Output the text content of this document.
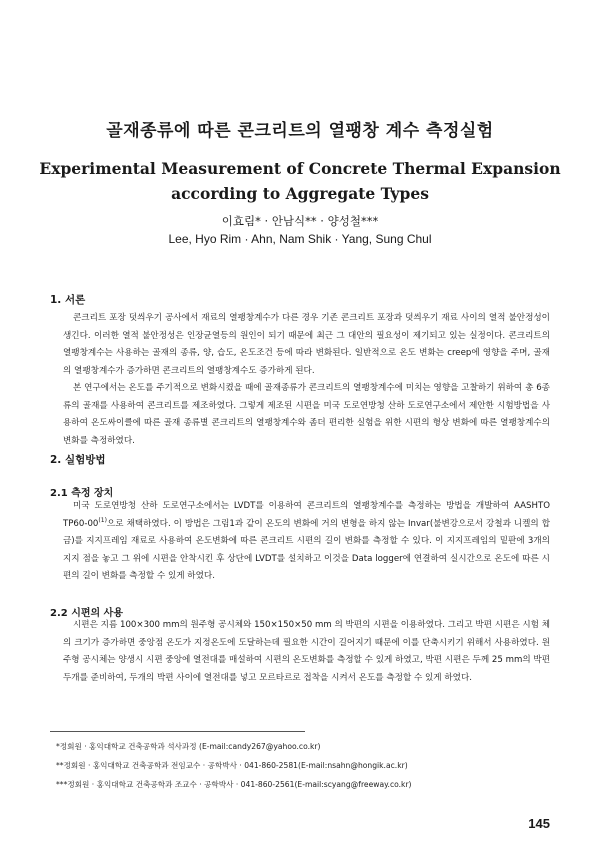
골재종류에 따른 콘크리트의 열팽창 계수 측정실험
Experimental Measurement of Concrete Thermal Expansion
according to Aggregate Types
이효림* · 안남식** · 양성철***
Lee, Hyo Rim · Ahn, Nam Shik · Yang, Sung Chul
1. 서론

콘크리트 포장 덧씌우기 공사에서 재료의 열팽창계수가 다른 경우 기존 콘크리트 포장과 덧씌우기 재료 사이의 열적 불안정성이 생긴다. 이러한 열적 불안정성은 인장균열등의 원인이 되기 때문에 최근 그 대안의 필요성이 제기되고 있는 실정이다. 콘크리트의 열팽창계수는 사용하는 골재의 종류, 양, 습도, 온도조건 등에 따라 변화된다. 일반적으로 온도 변화는 creep에 영향을 주며, 골재의 열팽창계수가 증가하면 콘크리트의 열팽창계수도 증가하게 된다.

본 연구에서는 온도를 주기적으로 변화시켰을 때에 골재종류가 콘크리트의 열팽창계수에 미치는 영향을 고찰하기 위하여 총 6종류의 골재를 사용하여 콘크리트를 제조하였다. 그렇게 제조된 시편을 미국 도로연방청 산하 도로연구소에서 제안한 시험방법을 사용하여 온도싸이클에 따른 골재 종류별 콘크리트의 열팽창계수와 좀더 편리한 실험을 위한 시편의 형상 변화에 따른 열팽창계수의 변화를 측정하였다.

2. 실험방법
2.1 측정 장치

미국 도로연방청 산하 도로연구소에서는 LVDT를 이용하여 콘크리트의 열팽창계수를 측정하는 방법을 개발하여 AASHTO TP60-00$^{(1)}$으로 채택하였다. 이 방법은 그림1과 같이 온도의 변화에 거의 변형을 하지 않는 Invar(불변강으로서 강철과 니켈의 합금)를 지지프레임 재료로 사용하여 온도변화에 따른 콘크리트 시편의 길이 변화를 측정할 수 있다. 이 지지프레임의 밑판에 3개의 지지 점을 놓고 그 위에 시편을 안착시킨 후 상단에 LVDT를 설치하고 이것을 Data logger에 연결하여 실시간으로 온도에 따른 시편의 길이 변화를 측정할 수 있게 하였다.

2.2 시편의 사용

시편은 지름 100×300 mm의 원주형 공시체와 150×150×50 mm 의 박편의 시편을 이용하였다. 그리고 박편 시편은 시험 체의 크기가 증가하면 중앙점 온도가 지정온도에 도달하는데 필요한 시간이 길어지기 때문에 이를 단축시키기 위해서 사용하였다. 원주형 공시체는 양생시 시편 중앙에 열전대를 매설하여 시편의 온도변화를 측정할 수 있게 하였고, 박편 시편은 두께 25 mm의 박편 두개를 준비하여, 두개의 박편 사이에 열전대를 넣고 모르타르로 접착을 시켜서 온도를 측정할 수 있게 하였다.

*정회원 · 홍익대학교 건축공학과 석사과정 (E-mail:candy267@yahoo.co.kr)
**정회원 · 홍익대학교 건축공학과 전임교수 · 공학박사 · 041-860-2581(E-mail:nsahn@hongik.ac.kr)
***정회원 · 홍익대학교 건축공학과 조교수 · 공학박사 · 041-860-2561(E-mail:scyang@freeway.co.kr)
145
